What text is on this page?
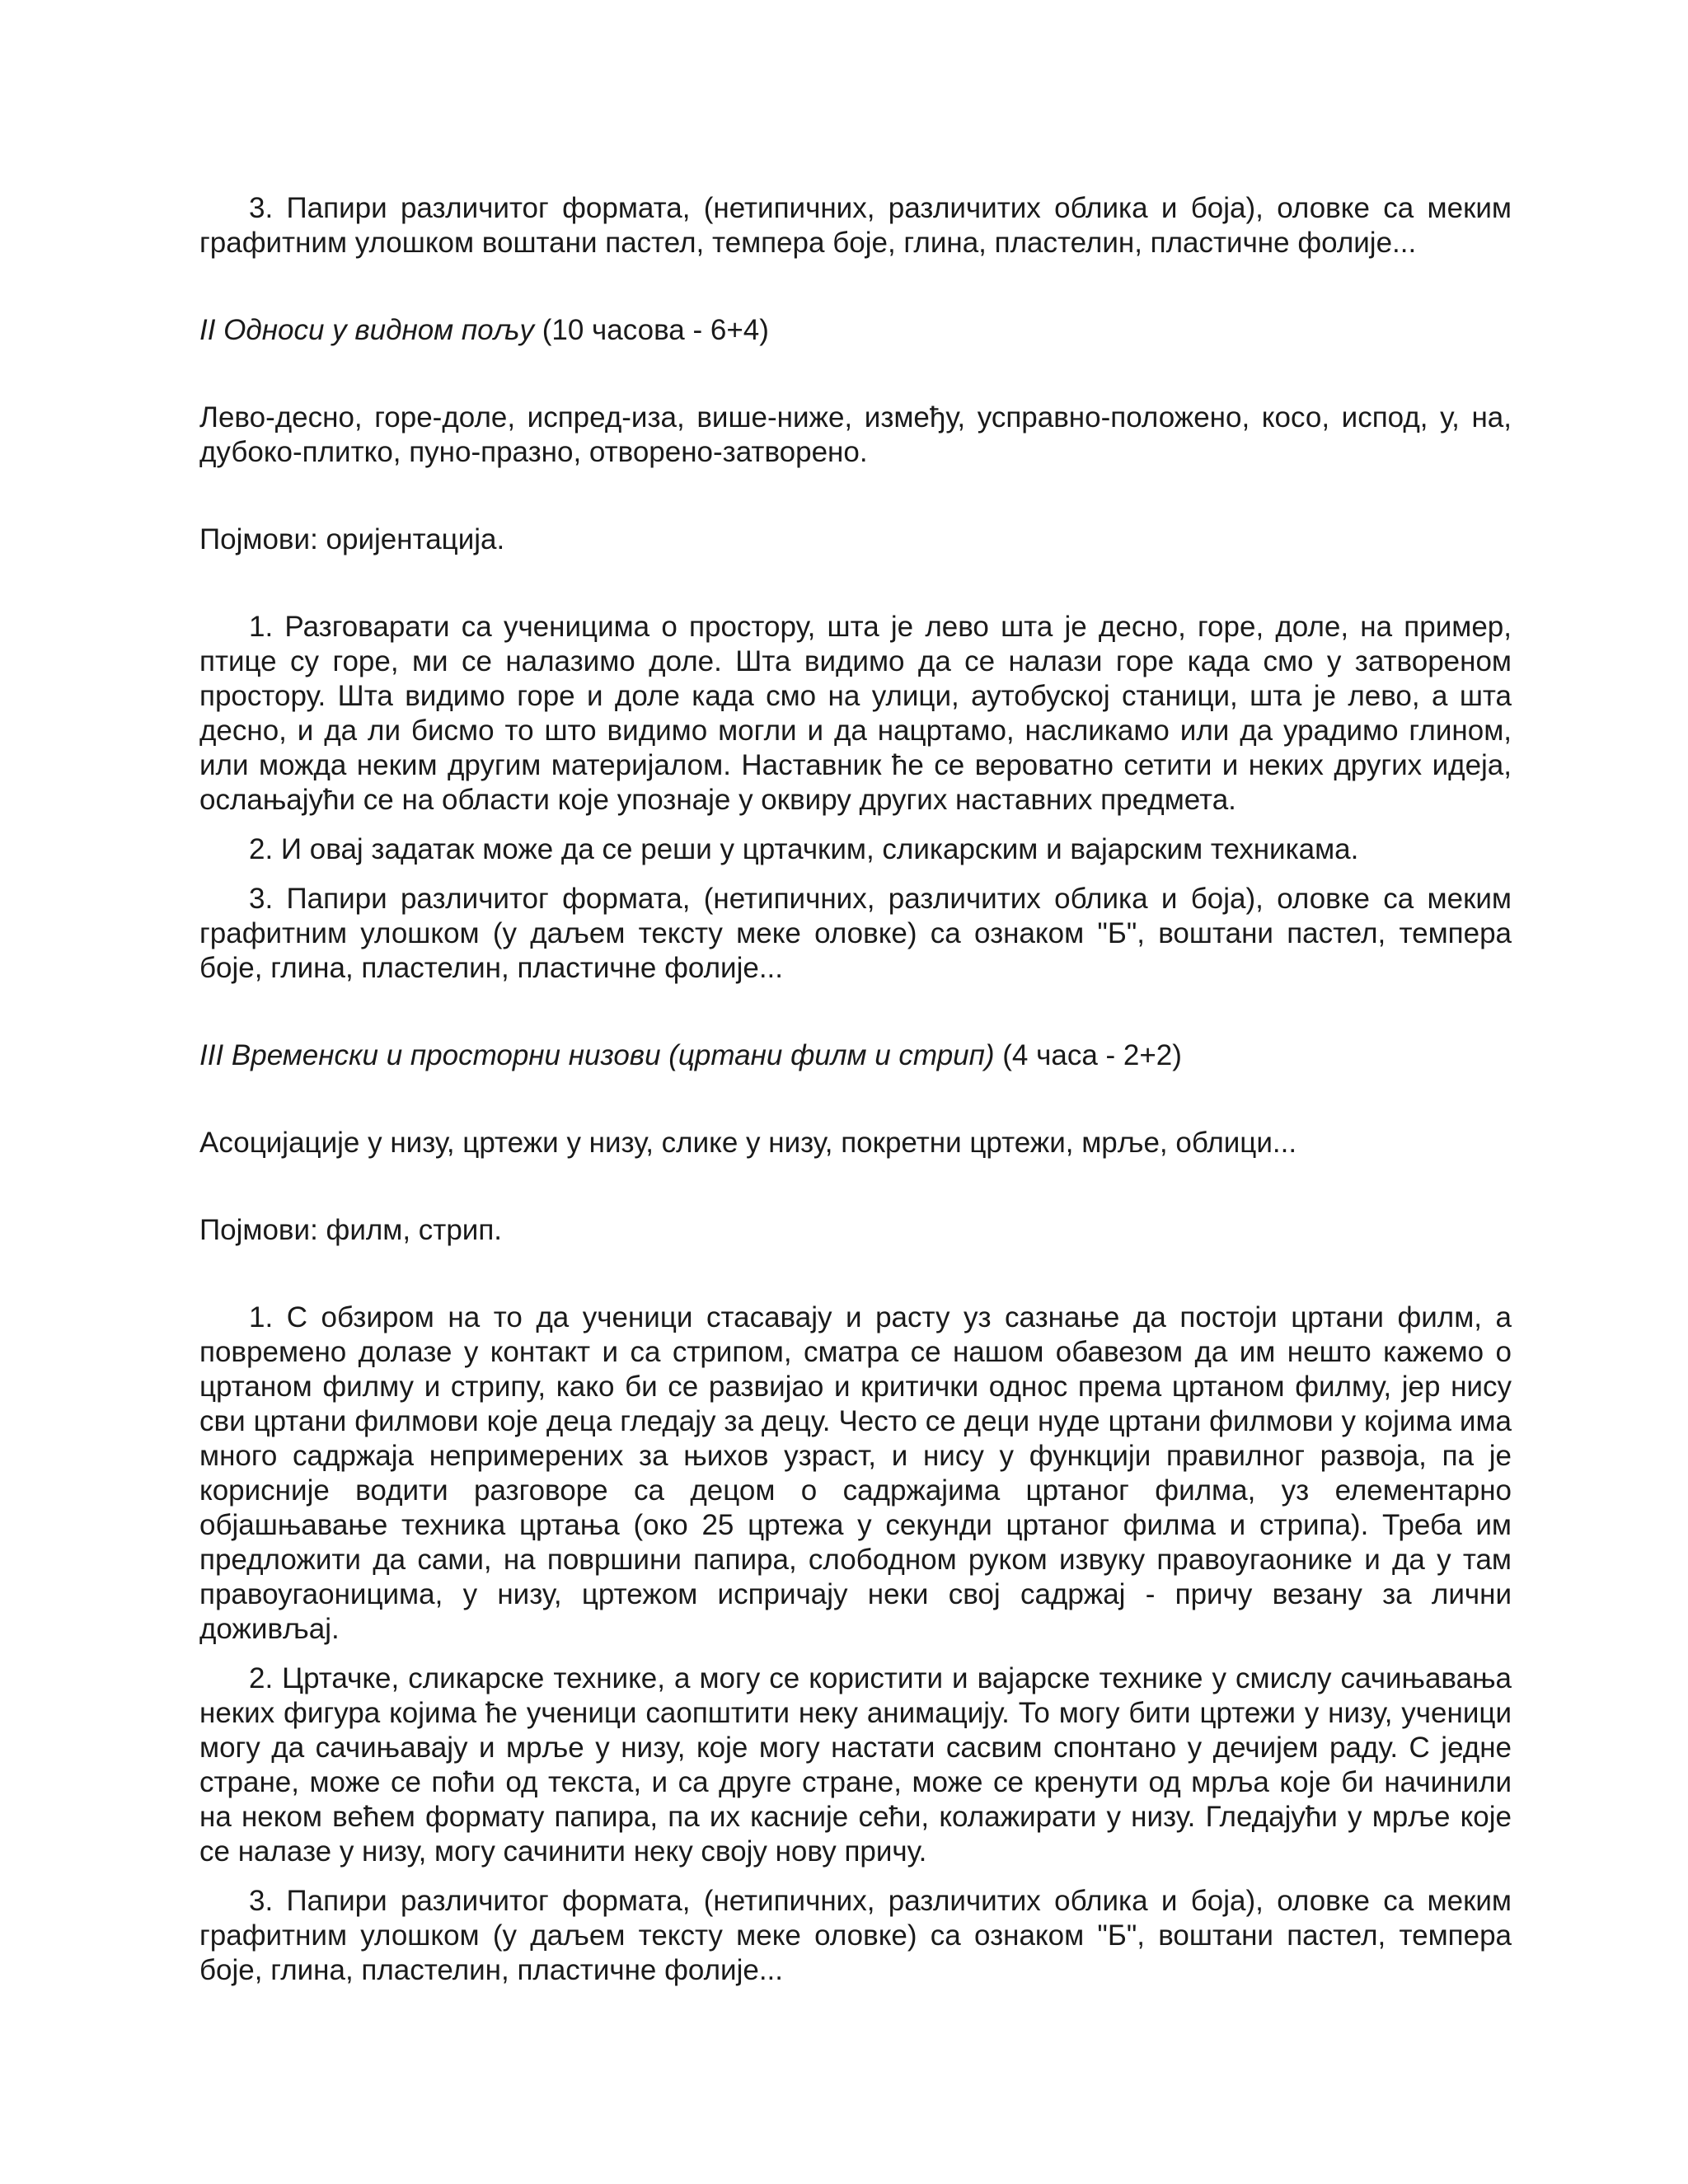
3. Папири различитог формата, (нетипичних, различитих облика и боја), оловке са меким графитним улошком воштани пастел, темпера боје, глина, пластелин, пластичне фолије...

II Односи у видном пољу (10 часова - 6+4)

Лево-десно, горе-доле, испред-иза, више-ниже, између, усправно-положено, косо, испод, у, на, дубоко-плитко, пуно-празно, отворено-затворено.

Појмови: оријентација.

1. Разговарати са ученицима о простору, шта је лево шта је десно, горе, доле, на пример, птице су горе, ми се налазимо доле. Шта видимо да се налази горе када смо у затвореном простору. Шта видимо горе и доле када смо на улици, аутобуској станици, шта је лево, а шта десно, и да ли бисмо то што видимо могли и да нацртамо, насликамо или да урадимо глином, или можда неким другим материјалом. Наставник ће се вероватно сетити и неких других идеја, ослањајући се на области које упознаје у оквиру других наставних предмета.

2. И овај задатак може да се реши у цртачким, сликарским и вајарским техникама.

3. Папири различитог формата, (нетипичних, различитих облика и боја), оловке са меким графитним улошком (у даљем тексту меке оловке) са ознаком "Б", воштани пастел, темпера боје, глина, пластелин, пластичне фолије...

III Временски и просторни низови (цртани филм и стрип) (4 часа - 2+2)

Асоцијације у низу, цртежи у низу, слике у низу, покретни цртежи, мрље, облици...

Појмови: филм, стрип.

1. С обзиром на то да ученици стасавају и расту уз сазнање да постоји цртани филм, а повремено долазе у контакт и са стрипом, сматра се нашом обавезом да им нешто кажемо о цртаном филму и стрипу, како би се развијао и критички однос према цртаном филму, јер нису сви цртани филмови које деца гледају за децу. Често се деци нуде цртани филмови у којима има много садржаја непримерених за њихов узраст, и нису у функцији правилног развоја, па је корисније водити разговоре са децом о садржајима цртаног филма, уз елементарно објашњавање техника цртања (око 25 цртежа у секунди цртаног филма и стрипа). Треба им предложити да сами, на површини папира, слободном руком извуку правоугаонике и да у там правоугаоницима, у низу, цртежом испричају неки свој садржај - причу везану за лични доживљај.

2. Цртачке, сликарске технике, а могу се користити и вајарске технике у смислу сачињавања неких фигура којима ће ученици саопштити неку анимацију. То могу бити цртежи у низу, ученици могу да сачињавају и мрље у низу, које могу настати сасвим спонтано у дечијем раду. С једне стране, може се поћи од текста, и са друге стране, може се кренути од мрља које би начинили на неком већем формату папира, па их касније сећи, колажирати у низу. Гледајући у мрље које се налазе у низу, могу сачинити неку своју нову причу.

3. Папири различитог формата, (нетипичних, различитих облика и боја), оловке са меким графитним улошком (у даљем тексту меке оловке) са ознаком "Б", воштани пастел, темпера боје, глина, пластелин, пластичне фолије...
